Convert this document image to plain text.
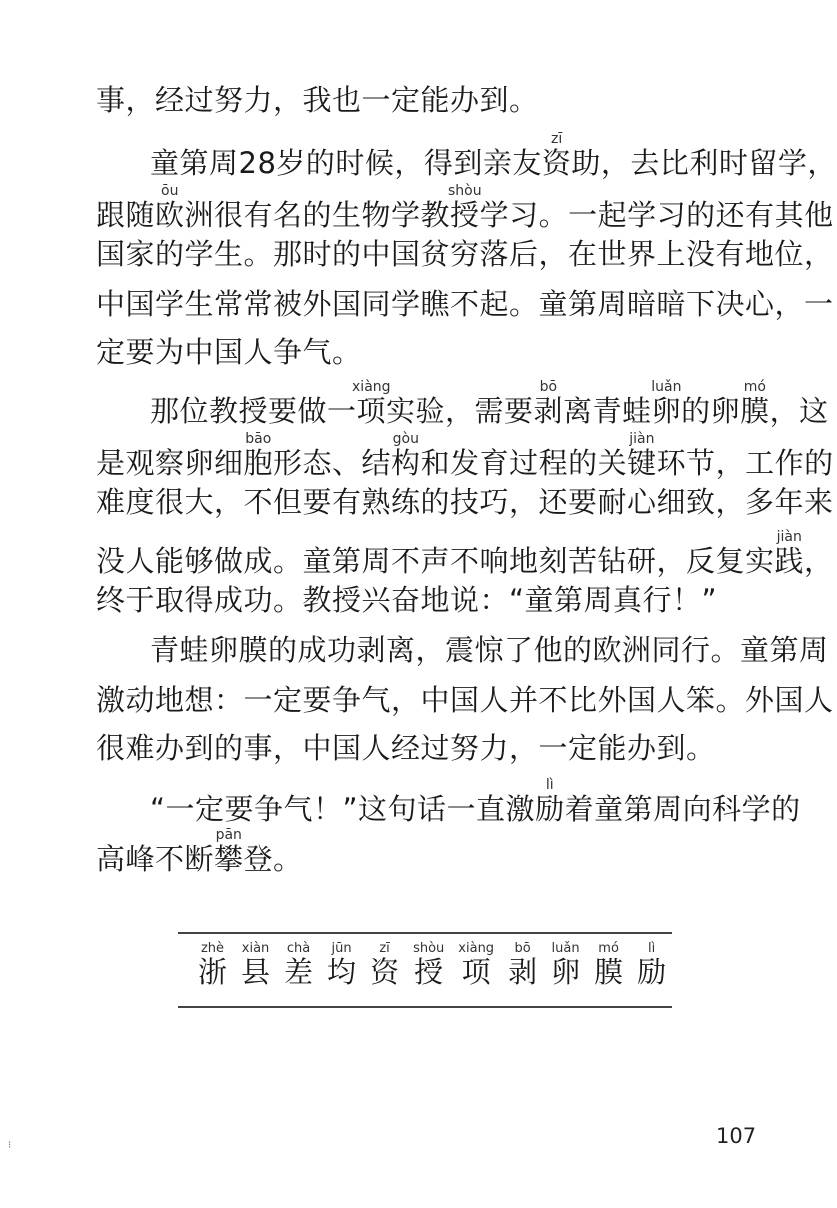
事，经过努力，我也一定能办到。
童第周28岁的时候，得到亲友资zī助，去比利时留学，
跟随欧ōu洲很有名的生物学教授shòu学习。一起学习的还有其他
国家的学生。那时的中国贫穷落后，在世界上没有地位，
中国学生常常被外国同学瞧不起。童第周暗暗下决心，一
定要为中国人争气。
那位教授要做一项xiàng实验，需要剥bō离青蛙卵luǎn的卵膜mó，这
是观察卵细胞bāo形态、结构gòu和发育过程的关键jiàn环节，工作的
难度很大，不但要有熟练的技巧，还要耐心细致，多年来
没人能够做成。童第周不声不响地刻苦钻研，反复实践jiàn，
终于取得成功。教授兴奋地说：“童第周真行！”
青蛙卵膜的成功剥离，震惊了他的欧洲同行。童第周
激动地想：一定要争气，中国人并不比外国人笨。外国人
很难办到的事，中国人经过努力，一定能办到。
“一定要争气！”这句话一直激励lì着童第周向科学的
高峰不断攀pān登。
浙zhè
县xiàn
差chà
均jūn
资zī
授shòu
项xiàng
剥bō
卵luǎn
膜mó
励lì
107
⁝
